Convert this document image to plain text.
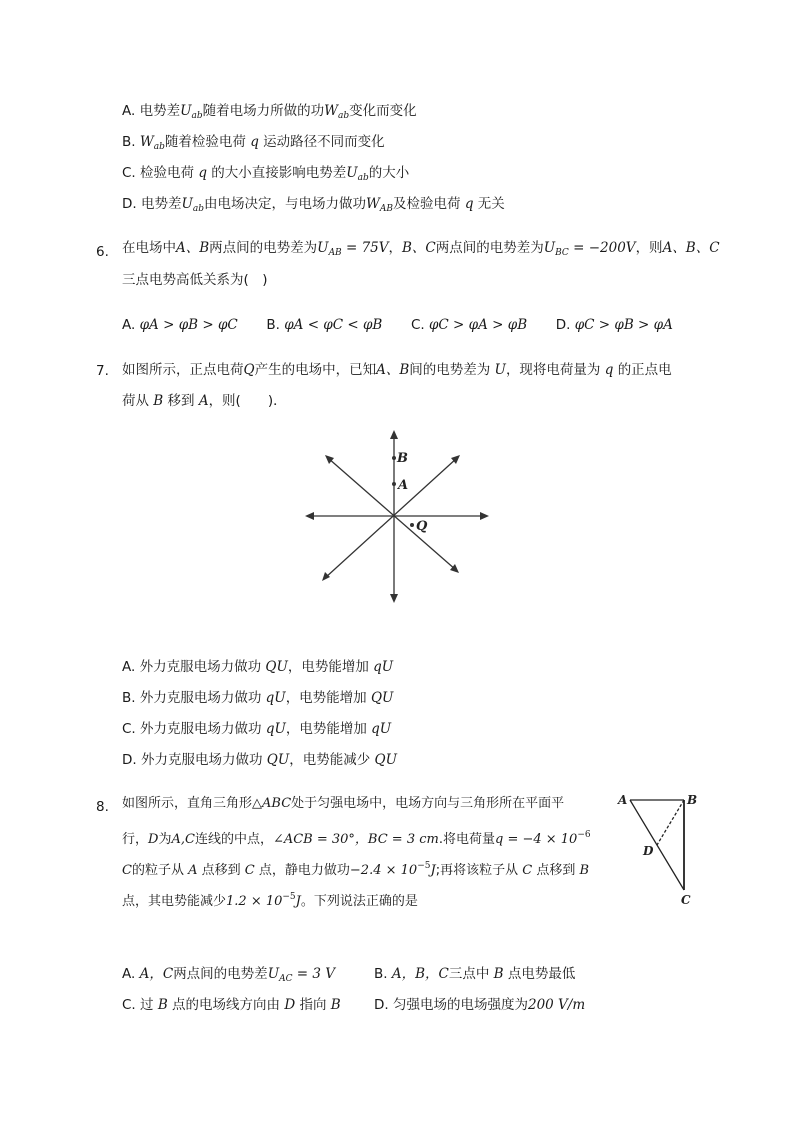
A. 电势差$U_{ab}$随着电场力所做的功$W_{ab}$变化而变化
B. $W_{ab}$随着检验电荷 q 运动路径不同而变化
C. 检验电荷 q 的大小直接影响电势差$U_{ab}$的大小
D. 电势差$U_{ab}$由电场决定，与电场力做功$W_{AB}$及检验电荷 q 无关
6. 在电场中A、B两点间的电势差为$U_{AB} = 75V$，B、C两点间的电势差为$U_{BC} = -200V$，则A、B、C
三点电势高低关系为(　)
A. φA > φB > φC B. φA < φC < φB C. φC > φA > φB D. φC > φB > φA
7. 如图所示，正点电荷Q产生的电场中，已知A、B间的电势差为 U，现将电荷量为 q 的正点电
荷从 B 移到 A，则(　　)．
B
A
Q
A. 外力克服电场力做功 QU，电势能增加 qU
B. 外力克服电场力做功 qU，电势能增加 QU
C. 外力克服电场力做功 qU，电势能增加 qU
D. 外力克服电场力做功 QU，电势能减少 QU
8. 如图所示，直角三角形△ABC处于匀强电场中，电场方向与三角形所在平面平
行，D为A,C连线的中点，∠ACB = 30°，BC = 3 cm.将电荷量$q = -4 \times 10^{-6}$
C的粒子从 A 点移到 C 点，静电力做功$-2.4 \times 10^{-5}J$;再将该粒子从 C 点移到 B
点，其电势能减少$1.2 \times 10^{-5}J$。下列说法正确的是
A	B
D
C
A. A，C两点间的电势差$U_{AC} = 3$ V	B. A，B，C三点中 B 点电势最低
C. 过 B 点的电场线方向由 D 指向 B D. 匀强电场的电场强度为200 V/m
